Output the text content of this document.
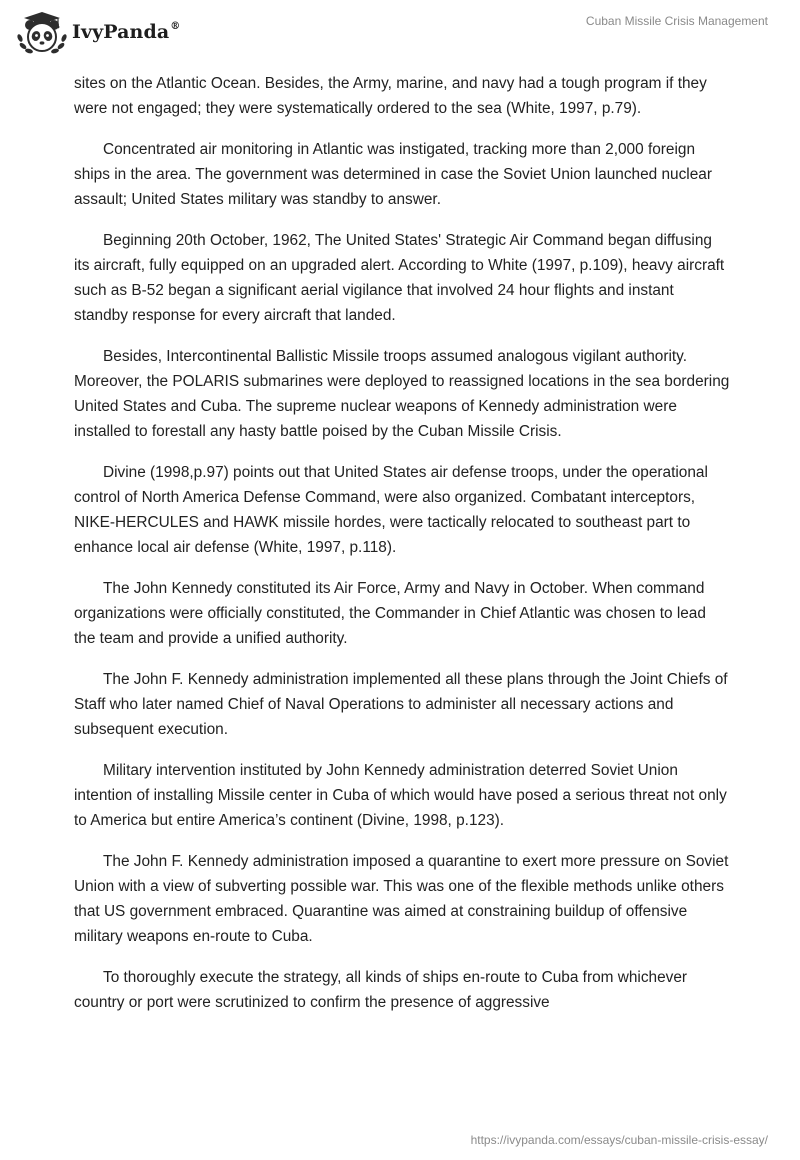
IvyPanda®	Cuban Missile Crisis Management

sites on the Atlantic Ocean. Besides, the Army, marine, and navy had a tough program if they were not engaged; they were systematically ordered to the sea (White, 1997, p.79).

Concentrated air monitoring in Atlantic was instigated, tracking more than 2,000 foreign ships in the area. The government was determined in case the Soviet Union launched nuclear assault; United States military was standby to answer.

Beginning 20th October, 1962, The United States' Strategic Air Command began diffusing its aircraft, fully equipped on an upgraded alert. According to White (1997, p.109), heavy aircraft such as B-52 began a significant aerial vigilance that involved 24 hour flights and instant standby response for every aircraft that landed.

Besides, Intercontinental Ballistic Missile troops assumed analogous vigilant authority. Moreover, the POLARIS submarines were deployed to reassigned locations in the sea bordering United States and Cuba. The supreme nuclear weapons of Kennedy administration were installed to forestall any hasty battle poised by the Cuban Missile Crisis.

Divine (1998,p.97) points out that United States air defense troops, under the operational control of North America Defense Command, were also organized. Combatant interceptors, NIKE-HERCULES and HAWK missile hordes, were tactically relocated to southeast part to enhance local air defense (White, 1997, p.118).

The John Kennedy constituted its Air Force, Army and Navy in October. When command organizations were officially constituted, the Commander in Chief Atlantic was chosen to lead the team and provide a unified authority.

The John F. Kennedy administration implemented all these plans through the Joint Chiefs of Staff who later named Chief of Naval Operations to administer all necessary actions and subsequent execution.

Military intervention instituted by John Kennedy administration deterred Soviet Union intention of installing Missile center in Cuba of which would have posed a serious threat not only to America but entire America’s continent (Divine, 1998, p.123).

The John F. Kennedy administration imposed a quarantine to exert more pressure on Soviet Union with a view of subverting possible war. This was one of the flexible methods unlike others that US government embraced. Quarantine was aimed at constraining buildup of offensive military weapons en-route to Cuba.

To thoroughly execute the strategy, all kinds of ships en-route to Cuba from whichever country or port were scrutinized to confirm the presence of aggressive

https://ivypanda.com/essays/cuban-missile-crisis-essay/
